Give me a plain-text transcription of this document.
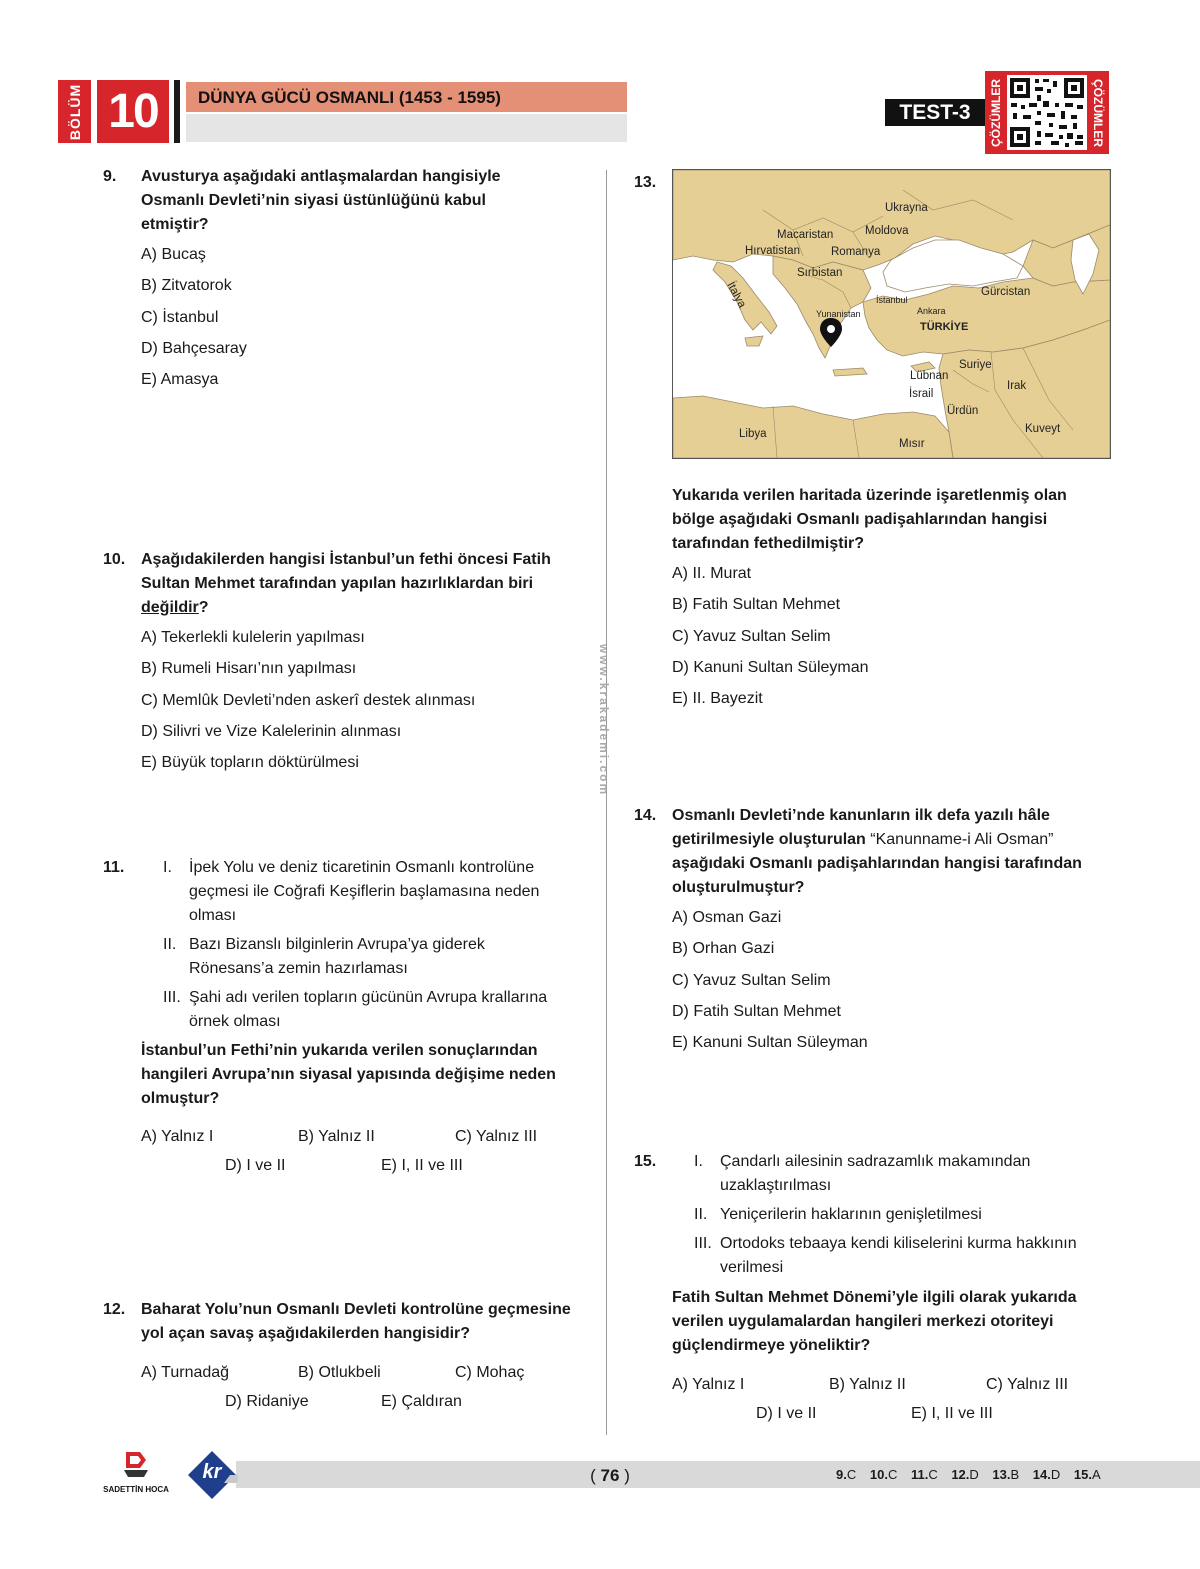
BÖLÜM 10	DÜNYA GÜCÜ OSMANLI (1453 - 1595)
TEST-3	ÇÖZÜMLER	ÇÖZÜMLER
www.krakademi.com
9. Avusturya aşağıdaki antlaşmalardan hangisiyle Osmanlı Devleti’nin siyasi üstünlüğünü kabul etmiştir?
A) Bucaş
B) Zitvatorok
C) İstanbul
D) Bahçesaray
E) Amasya
10. Aşağıdakilerden hangisi İstanbul’un fethi öncesi Fatih Sultan Mehmet tarafından yapılan hazırlıklardan biri değildir?
A) Tekerlekli kulelerin yapılması
B) Rumeli Hisarı’nın yapılması
C) Memlûk Devleti’nden askerî destek alınması
D) Silivri ve Vize Kalelerinin alınması
E) Büyük topların döktürülmesi
11. I. İpek Yolu ve deniz ticaretinin Osmanlı kontrolüne geçmesi ile Coğrafi Keşiflerin başlamasına neden olması
II. Bazı Bizanslı bilginlerin Avrupa’ya giderek Rönesans’a zemin hazırlaması
III. Şahi adı verilen topların gücünün Avrupa krallarına örnek olması
İstanbul’un Fethi’nin yukarıda verilen sonuçlarından hangileri Avrupa’nın siyasal yapısında değişime neden olmuştur?
A) Yalnız I	B) Yalnız II	C) Yalnız III
D) I ve II	E) I, II ve III
12. Baharat Yolu’nun Osmanlı Devleti kontrolüne geçmesine yol açan savaş aşağıdakilerden hangisidir?
A) Turnadağ	B) Otlukbeli	C) Mohaç
D) Ridaniye	E) Çaldıran
13.
Ukrayna
Macaristan	Moldova
Hırvatistan	Romanya
Sırbistan
İtalya	İstanbul
Gürcistan
Yunanistan	Ankara
TÜRKİYE
Suriye
Lübnan
Irak
İsrail
Ürdün
Libya
Mısır
Kuveyt
Yukarıda verilen haritada üzerinde işaretlenmiş olan bölge aşağıdaki Osmanlı padişahlarından hangisi tarafından fethedilmiştir?
A) II. Murat
B) Fatih Sultan Mehmet
C) Yavuz Sultan Selim
D) Kanuni Sultan Süleyman
E) II. Bayezit
14. Osmanlı Devleti’nde kanunların ilk defa yazılı hâle getirilmesiyle oluşturulan “Kanunname-i Ali Osman” aşağıdaki Osmanlı padişahlarından hangisi tarafından oluşturulmuştur?
A) Osman Gazi
B) Orhan Gazi
C) Yavuz Sultan Selim
D) Fatih Sultan Mehmet
E) Kanuni Sultan Süleyman
15. I. Çandarlı ailesinin sadrazamlık makamından uzaklaştırılması
II. Yeniçerilerin haklarının genişletilmesi
III. Ortodoks tebaaya kendi kiliselerini kurma hakkının verilmesi
Fatih Sultan Mehmet Dönemi’yle ilgili olarak yukarıda verilen uygulamalardan hangileri merkezi otoriteyi güçlendirmeye yöneliktir?
A) Yalnız I	B) Yalnız II	C) Yalnız III
D) I ve II	E) I, II ve III
SADETTİN HOCA
kr	( 76 )	9.C 10.C 11.C 12.D 13.B 14.D 15.A
